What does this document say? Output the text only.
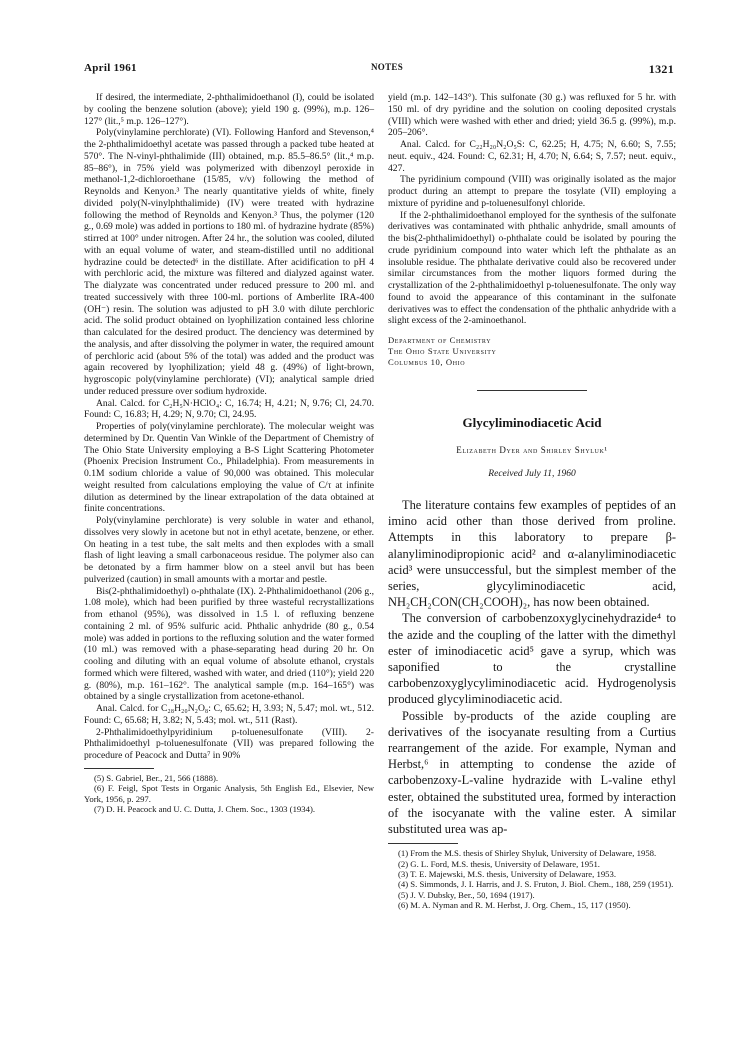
April 1961	NOTES	1321

If desired, the intermediate, 2-phthalimidoethanol (I), could be isolated by cooling the benzene solution (above); yield 190 g. (99%), m.p. 126–127° (lit.,⁵ m.p. 126–127°).

Poly(vinylamine perchlorate) (VI). Following Hanford and Stevenson,⁴ the 2-phthalimidoethyl acetate was passed through a packed tube heated at 570°. The N-vinyl-phthalimide (III) obtained, m.p. 85.5–86.5° (lit.,⁴ m.p. 85–86°), in 75% yield was polymerized with dibenzoyl peroxide in methanol-1,2-dichloroethane (15/85, v/v) following the method of Reynolds and Kenyon.³ The nearly quantitative yields of white, finely divided poly(N-vinylphthalimide) (IV) were treated with hydrazine following the method of Reynolds and Kenyon.³ Thus, the polymer (120 g., 0.69 mole) was added in portions to 180 ml. of hydrazine hydrate (85%) stirred at 100° under nitrogen. After 24 hr., the solution was cooled, diluted with an equal volume of water, and steam-distilled until no additional hydrazine could be detected⁶ in the distillate. After acidification to pH 4 with perchloric acid, the mixture was filtered and dialyzed against water. The dialyzate was concentrated under reduced pressure to 200 ml. and treated successively with three 100-ml. portions of Amberlite IRA-400 (OH⁻) resin. The solution was adjusted to pH 3.0 with dilute perchloric acid. The solid product obtained on lyophilization contained less chlorine than calculated for the desired product. The denciency was determined by the analysis, and after dissolving the polymer in water, the required amount of perchloric acid (about 5% of the total) was added and the product was again recovered by lyophilization; yield 48 g. (49%) of light-brown, hygroscopic poly(vinylamine perchlorate) (VI); analytical sample dried under reduced pressure over sodium hydroxide.

Anal. Calcd. for C₂H₅N·HClO₄: C, 16.74; H, 4.21; N, 9.76; Cl, 24.70. Found: C, 16.83; H, 4.29; N, 9.70; Cl, 24.95.

Properties of poly(vinylamine perchlorate). The molecular weight was determined by Dr. Quentin Van Winkle of the Department of Chemistry of The Ohio State University employing a B-S Light Scattering Photometer (Phoenix Precision Instrument Co., Philadelphia). From measurements in 0.1M sodium chloride a value of 90,000 was obtained. This molecular weight resulted from calculations employing the value of C/τ at infinite dilution as determined by the linear extrapolation of the data obtained at finite concentrations.

Poly(vinylamine perchlorate) is very soluble in water and ethanol, dissolves very slowly in acetone but not in ethyl acetate, benzene, or ether. On heating in a test tube, the salt melts and then explodes with a small flash of light leaving a small carbonaceous residue. The polymer also can be detonated by a firm hammer blow on a steel anvil but has been pulverized (caution) in small amounts with a mortar and pestle.

Bis(2-phthalimidoethyl) o-phthalate (IX). 2-Phthalimidoethanol (206 g., 1.08 mole), which had been purified by three wasteful recrystallizations from ethanol (95%), was dissolved in 1.5 l. of refluxing benzene containing 2 ml. of 95% sulfuric acid. Phthalic anhydride (80 g., 0.54 mole) was added in portions to the refluxing solution and the water formed (10 ml.) was removed with a phase-separating head during 20 hr. On cooling and diluting with an equal volume of absolute ethanol, crystals formed which were filtered, washed with water, and dried (110°); yield 220 g. (80%), m.p. 161–162°. The analytical sample (m.p. 164–165°) was obtained by a single crystallization from acetone-ethanol.

Anal. Calcd. for C₂₈H₂₀N₂O₈: C, 65.62; H, 3.93; N, 5.47; mol. wt., 512. Found: C, 65.68; H, 3.82; N, 5.43; mol. wt., 511 (Rast).

2-Phthalimidoethylpyridinium p-toluenesulfonate (VIII). 2-Phthalimidoethyl p-toluenesulfonate (VII) was prepared following the procedure of Peacock and Dutta⁷ in 90%

(5) S. Gabriel, Ber., 21, 566 (1888).

(6) F. Feigl, Spot Tests in Organic Analysis, 5th English Ed., Elsevier, New York, 1956, p. 297.

(7) D. H. Peacock and U. C. Dutta, J. Chem. Soc., 1303 (1934).

yield (m.p. 142–143°). This sulfonate (30 g.) was refluxed for 5 hr. with 150 ml. of dry pyridine and the solution on cooling deposited crystals (VIII) which were washed with ether and dried; yield 36.5 g. (99%), m.p. 205–206°.

Anal. Calcd. for C₂₂H₂₀N₂O₅S: C, 62.25; H, 4.75; N, 6.60; S, 7.55; neut. equiv., 424. Found: C, 62.31; H, 4.70; N, 6.64; S, 7.57; neut. equiv., 427.

The pyridinium compound (VIII) was originally isolated as the major product during an attempt to prepare the tosylate (VII) employing a mixture of pyridine and p-toluenesulfonyl chloride.

If the 2-phthalimidoethanol employed for the synthesis of the sulfonate derivatives was contaminated with phthalic anhydride, small amounts of the bis(2-phthalimidoethyl) o-phthalate could be isolated by pouring the crude pyridinium compound into water which left the phthalate as an insoluble residue. The phthalate derivative could also be recovered under similar circumstances from the mother liquors formed during the crystallization of the 2-phthalimidoethyl p-toluenesulfonate. The only way found to avoid the appearance of this contaminant in the sulfonate derivatives was to effect the condensation of the phthalic anhydride with a slight excess of the 2-aminoethanol.

Department of Chemistry
The Ohio State University
Columbus 10, Ohio
Glycyliminodiacetic Acid
Elizabeth Dyer and Shirley Shyluk¹
Received July 11, 1960

The literature contains few examples of peptides of an imino acid other than those derived from proline. Attempts in this laboratory to prepare β-alanyliminodipropionic acid² and α-alanyliminodiacetic acid³ were unsuccessful, but the simplest member of the series, glycyliminodiacetic acid, NH₂CH₂CON(CH₂COOH)₂, has now been obtained.

The conversion of carbobenzoxyglycinehydrazide⁴ to the azide and the coupling of the latter with the dimethyl ester of iminodiacetic acid⁵ gave a syrup, which was saponified to the crystalline carbobenzoxyglycyliminodiacetic acid. Hydrogenolysis produced glycyliminodiacetic acid.

Possible by-products of the azide coupling are derivatives of the isocyanate resulting from a Curtius rearrangement of the azide. For example, Nyman and Herbst,⁶ in attempting to condense the azide of carbobenzoxy-L-valine hydrazide with L-valine ethyl ester, obtained the substituted urea, formed by interaction of the isocyanate with the valine ester. A similar substituted urea was ap-

(1) From the M.S. thesis of Shirley Shyluk, University of Delaware, 1958.

(2) G. L. Ford, M.S. thesis, University of Delaware, 1951.

(3) T. E. Majewski, M.S. thesis, University of Delaware, 1953.

(4) S. Simmonds, J. I. Harris, and J. S. Fruton, J. Biol. Chem., 188, 259 (1951).

(5) J. V. Dubsky, Ber., 50, 1694 (1917).

(6) M. A. Nyman and R. M. Herbst, J. Org. Chem., 15, 117 (1950).
